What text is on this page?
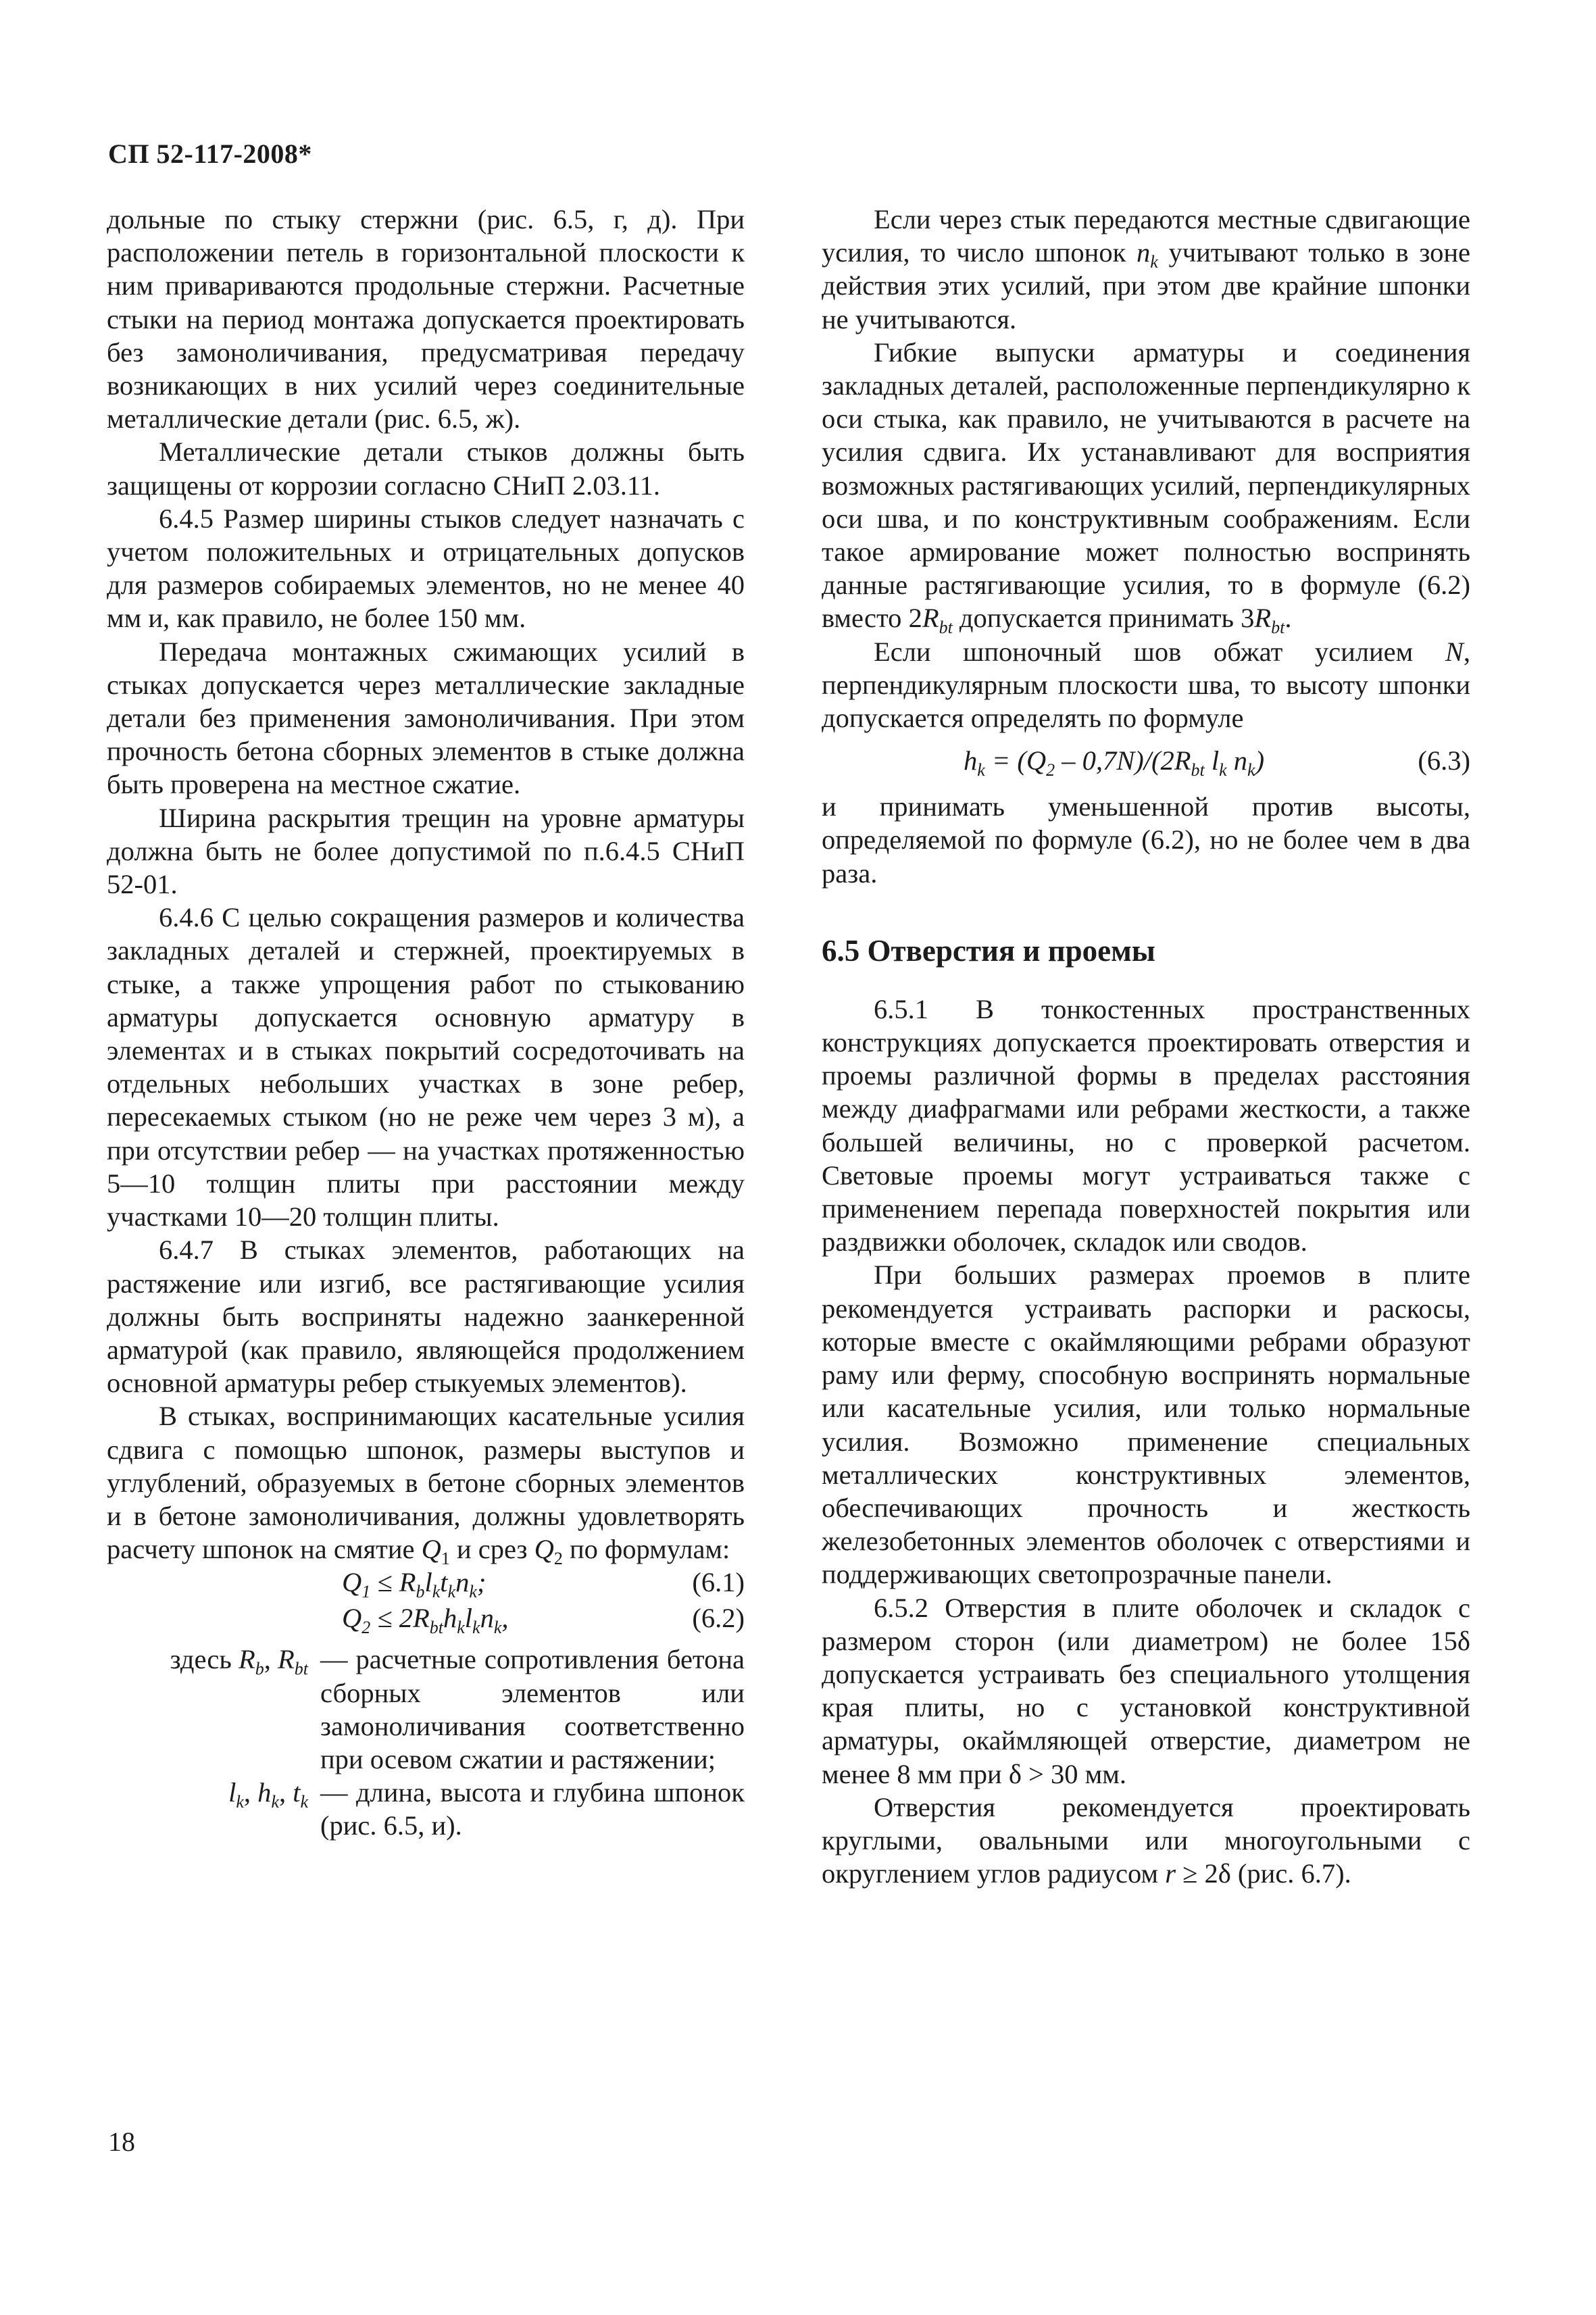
СП 52-117-2008*

дольные по стыку стержни (рис. 6.5, г, д). При расположении петель в горизонтальной плоскости к ним привариваются продольные стержни. Расчетные стыки на период монтажа допускается проектировать без замоноличивания, предусматривая передачу возникающих в них усилий через соединительные металлические детали (рис. 6.5, ж).

Металлические детали стыков должны быть защищены от коррозии согласно СНиП 2.03.11.

6.4.5 Размер ширины стыков следует назначать с учетом положительных и отрицательных допусков для размеров собираемых элементов, но не менее 40 мм и, как правило, не более 150 мм.

Передача монтажных сжимающих усилий в стыках допускается через металлические закладные детали без применения замоноличивания. При этом прочность бетона сборных элементов в стыке должна быть проверена на местное сжатие.

Ширина раскрытия трещин на уровне арматуры должна быть не более допустимой по п.6.4.5 СНиП 52-01.

6.4.6 С целью сокращения размеров и количества закладных деталей и стержней, проектируемых в стыке, а также упрощения работ по стыкованию арматуры допускается основную арматуру в элементах и в стыках покрытий сосредоточивать на отдельных небольших участках в зоне ребер, пересекаемых стыком (но не реже чем через 3 м), а при отсутствии ребер — на участках протяженностью 5—10 толщин плиты при расстоянии между участками 10—20 толщин плиты.

6.4.7 В стыках элементов, работающих на растяжение или изгиб, все растягивающие усилия должны быть восприняты надежно заанкеренной арматурой (как правило, являющейся продолжением основной арматуры ребер стыкуемых элементов).

В стыках, воспринимающих касательные усилия сдвига с помощью шпонок, размеры выступов и углублений, образуемых в бетоне сборных элементов и в бетоне замоноличивания, должны удовлетворять расчету шпонок на смятие $Q_1$ и срез $Q_2$ по формулам:

$Q_1 \le R_bl_kt_kn_k$;	(6.1)
$Q_2 \le 2R_{bt}h_kl_kn_k$,	(6.2)
здесь $R_b$, $R_{bt}$ — расчетные сопротивления бетона сборных элементов или замоноличивания соответственно при осевом сжатии и растяжении;
$l_k$, $h_k$, $t_k$ — длина, высота и глубина шпонок (рис. 6.5, и).

Если через стык передаются местные сдвигающие усилия, то число шпонок $n_k$ учитывают только в зоне действия этих усилий, при этом две крайние шпонки не учитываются.

Гибкие выпуски арматуры и соединения закладных деталей, расположенные перпендикулярно к оси стыка, как правило, не учитываются в расчете на усилия сдвига. Их устанавливают для восприятия возможных растягивающих усилий, перпендикулярных оси шва, и по конструктивным соображениям. Если такое армирование может полностью воспринять данные растягивающие усилия, то в формуле (6.2) вместо $2R_{bt}$ допускается принимать $3R_{bt}$.

Если шпоночный шов обжат усилием N, перпендикулярным плоскости шва, то высоту шпонки допускается определять по формуле

$h_k = (Q_2 - 0,7N)/(2R_{bt}$ $l_k$ $n_k$)	(6.3)

и принимать уменьшенной против высоты, определяемой по формуле (6.2), но не более чем в два раза.

6.5 Отверстия и проемы

6.5.1 В тонкостенных пространственных конструкциях допускается проектировать отверстия и проемы различной формы в пределах расстояния между диафрагмами или ребрами жесткости, а также большей величины, но с проверкой расчетом. Световые проемы могут устраиваться также с применением перепада поверхностей покрытия или раздвижки оболочек, складок или сводов.

При больших размерах проемов в плите рекомендуется устраивать распорки и раскосы, которые вместе с окаймляющими ребрами образуют раму или ферму, способную воспринять нормальные или касательные усилия, или только нормальные усилия. Возможно применение специальных металлических конструктивных элементов, обеспечивающих прочность и жесткость железобетонных элементов оболочек с отверстиями и поддерживающих светопрозрачные панели.

6.5.2 Отверстия в плите оболочек и складок с размером сторон (или диаметром) не более 15δ допускается устраивать без специального утолщения края плиты, но с установкой конструктивной арматуры, окаймляющей отверстие, диаметром не менее 8 мм при δ > 30 мм.

Отверстия рекомендуется проектировать круглыми, овальными или многоугольными с округлением углов радиусом r ≥ 2δ (рис. 6.7).

18
